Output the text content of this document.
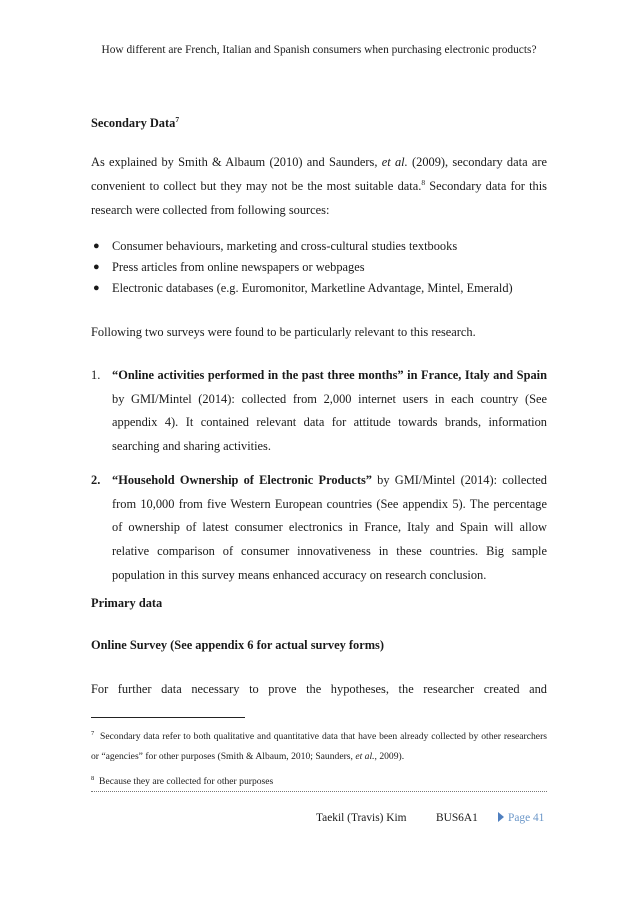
How different are French, Italian and Spanish consumers when purchasing electronic products?
Secondary Data$^7$
As explained by Smith & Albaum (2010) and Saunders, et al. (2009), secondary data are convenient to collect but they may not be the most suitable data.$^8$ Secondary data for this research were collected from following sources:
● Consumer behaviours, marketing and cross-cultural studies textbooks
● Press articles from online newspapers or webpages
● Electronic databases (e.g. Euromonitor, Marketline Advantage, Mintel, Emerald)
Following two surveys were found to be particularly relevant to this research.
1. “Online activities performed in the past three months” in France, Italy and Spain by GMI/Mintel (2014): collected from 2,000 internet users in each country (See appendix 4). It contained relevant data for attitude towards brands, information searching and sharing activities.
2. “Household Ownership of Electronic Products” by GMI/Mintel (2014): collected from 10,000 from five Western European countries (See appendix 5). The percentage of ownership of latest consumer electronics in France, Italy and Spain will allow relative comparison of consumer innovativeness in these countries. Big sample population in this survey means enhanced accuracy on research conclusion.
Primary data
Online Survey (See appendix 6 for actual survey forms)
For further data necessary to prove the hypotheses, the researcher created and
$^7$ Secondary data refer to both qualitative and quantitative data that have been already collected by other researchers or “agencies” for other purposes (Smith & Albaum, 2010; Saunders, et al., 2009).
$^8$ Because they are collected for other purposes
Taekil (Travis) Kim	BUS6A1	Page 41
